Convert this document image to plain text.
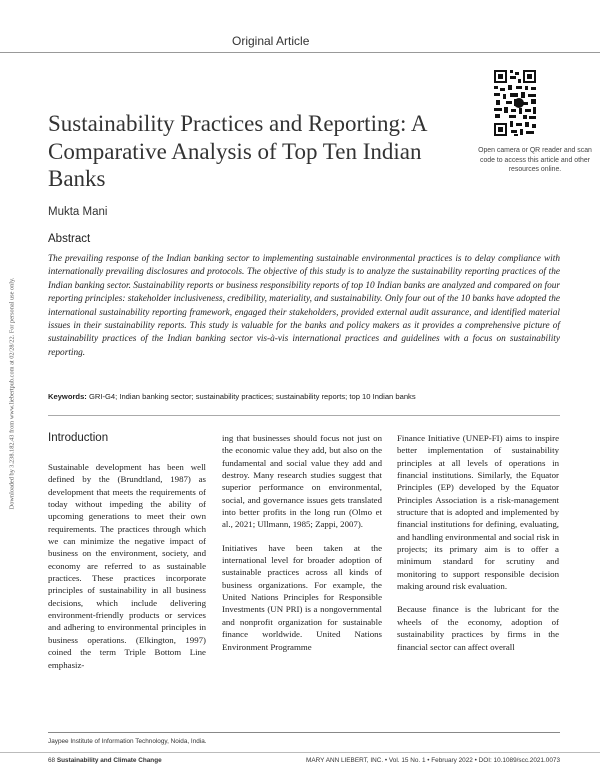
Original Article
Downloaded by 3.238.182.43 from www.liebertpub.com at 02/28/22. For personal use only.
Open camera or QR reader and scan code to access this article and other resources online.
Sustainability Practices and Reporting: A Comparative Analysis of Top Ten Indian Banks
Mukta Mani
Abstract
The prevailing response of the Indian banking sector to implementing sustainable environmental practices is to delay compliance with internationally prevailing disclosures and protocols. The objective of this study is to analyze the sustainability reporting practices of the Indian banking sector. Sustainability reports or business responsibility reports of top 10 Indian banks are analyzed and compared on four reporting principles: stakeholder inclusiveness, credibility, materiality, and sustainability. Only four out of the 10 banks have adopted the international sustainability reporting framework, engaged their stakeholders, provided external audit assurance, and identified material issues in their sustainability reports. This study is valuable for the banks and policy makers as it provides a comprehensive picture of sustainability practices of the Indian banking sector vis-à-vis international practices and guidelines with a focus on sustainability reporting.
Keywords: GRI-G4; Indian banking sector; sustainability practices; sustainability reports; top 10 Indian banks
Introduction

Sustainable development has been well defined by the (Brundtland, 1987) as development that meets the requirements of today without impeding the ability of upcoming generations to meet their own requirements. The practices through which we can minimize the negative impact of business on the environment, society, and economy are referred to as sustainable practices. These practices incorporate principles of sustainability in all business decisions, which include delivering environment-friendly products or services and adhering to environmental principles in business operations. (Elkington, 1997) coined the term Triple Bottom Line emphasiz-

ing that businesses should focus not just on the economic value they add, but also on the fundamental and social value they add and destroy. Many research studies suggest that superior performance on environmental, social, and governance issues gets translated into better profits in the long run (Olmo et al., 2021; Ullmann, 1985; Zappi, 2007).

Initiatives have been taken at the international level for broader adoption of sustainable practices across all kinds of business organizations. For example, the United Nations Principles for Responsible Investments (UN PRI) is a nongovernmental and nonprofit organization for sustainable finance worldwide. United Nations Environment Programme

Finance Initiative (UNEP-FI) aims to inspire better implementation of sustainability principles at all levels of operations in financial institutions. Similarly, the Equator Principles (EP) developed by the Equator Principles Association is a risk-management structure that is adopted and implemented by financial institutions for defining, evaluating, and handling environmental and social risk in projects; its primary aim is to offer a minimum standard for scrutiny and monitoring to support responsible decision making around risk evaluation.

Because finance is the lubricant for the wheels of the economy, adoption of sustainability practices by firms in the financial sector can affect overall

Jaypee Institute of Information Technology, Noida, India.
68 Sustainability and Climate Change	MARY ANN LIEBERT, INC. • Vol. 15 No. 1 • February 2022 • DOI: 10.1089/scc.2021.0073
